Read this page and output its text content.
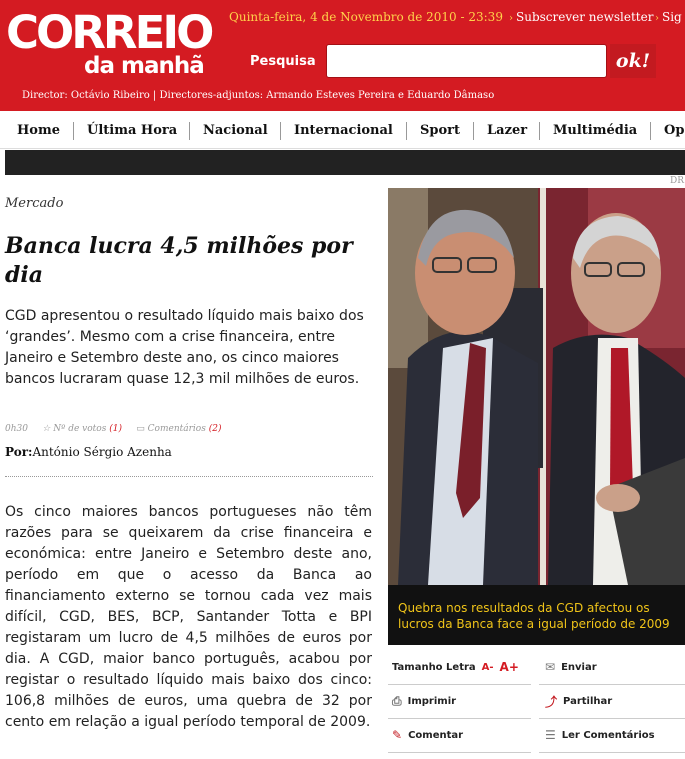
CORREIO
da manhã
Quinta-feira, 4 de Novembro de 2010 - 23:39 › Subscrever newsletter › Sig
Pesquisa	ok!
Director: Octávio Ribeiro | Directores-adjuntos: Armando Esteves Pereira e Eduardo Dâmaso
Home Última Hora Nacional Internacional Sport Lazer Multimédia Op
Mercado
Banca lucra 4,5 milhões por dia

CGD apresentou o resultado líquido mais baixo dos ‘grandes’. Mesmo com a crise financeira, entre Janeiro e Setembro deste ano, os cinco maiores bancos lucraram quase 12,3 mil milhões de euros.

0h30 ☆ Nº de votos (1) ▭ Comentários (2)
Por:António Sérgio Azenha

Os cinco maiores bancos portugueses não têm razões para se queixarem da crise financeira e económica: entre Janeiro e Setembro deste ano, período em que o acesso da Banca ao financiamento externo se tornou cada vez mais difícil, CGD, BES, BCP, Santander Totta e BPI registaram um lucro de 4,5 milhões de euros por dia. A CGD, maior banco português, acabou por registar o resultado líquido mais baixo dos cinco: 106,8 milhões de euros, uma quebra de 32 por cento em relação a igual período temporal de 2009.

DR
Quebra nos resultados da CGD afectou os lucros da Banca face a igual período de 2009
Tamanho Letra A- A+ ✉ Enviar
⎙ Imprimir	⤴ Partilhar
✎ Comentar	☰ Ler Comentários
